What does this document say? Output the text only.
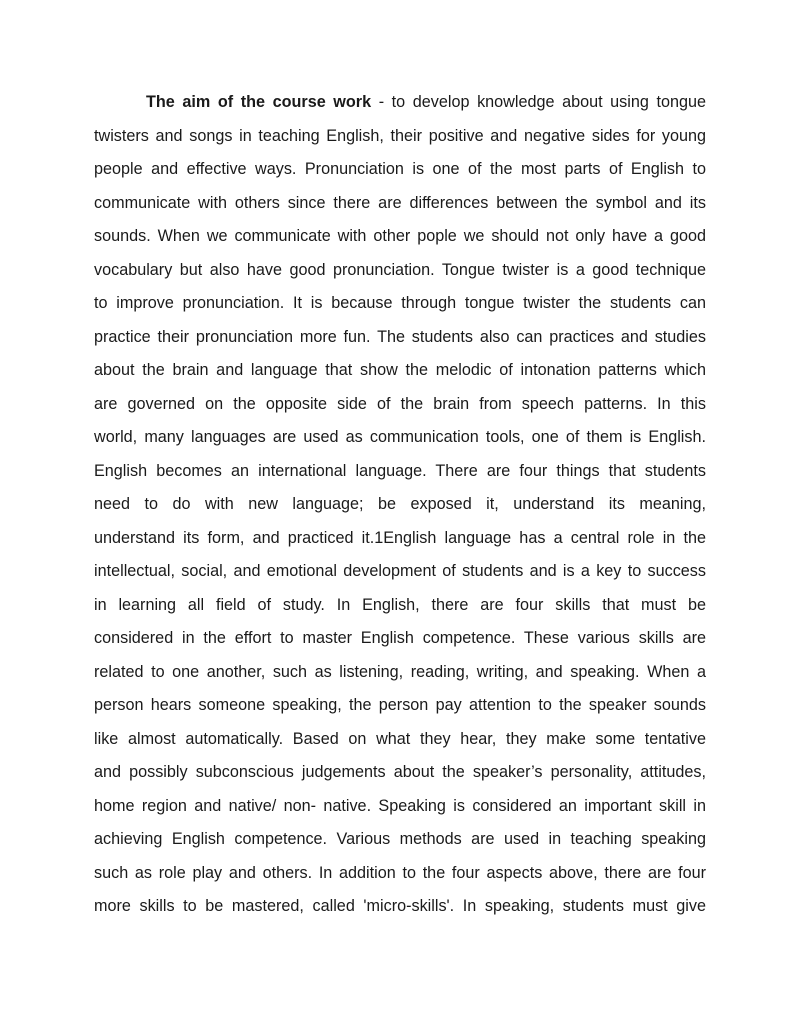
The aim of the course work - to develop knowledge about using tongue
twisters and songs in teaching English, their positive and negative sides for young
people and effective ways. Pronunciation is one of the most parts of English to
communicate with others since there are differences between the symbol and its
sounds. When we communicate with other pople we should not only have a good
vocabulary but also have good pronunciation. Tongue twister is a good technique
to improve pronunciation. It is because through tongue twister the students can
practice their pronunciation more fun. The students also can practices and studies
about the brain and language that show the melodic of intonation patterns which
are governed on the opposite side of the brain from speech patterns. In this
world, many languages are used as communication tools, one of them is English.
English becomes an international language. There are four things that students
need to do with new language; be exposed it, understand its meaning,
understand its form, and practiced it.1English language has a central role in the
intellectual, social, and emotional development of students and is a key to success
in learning all field of study. In English, there are four skills that must be
considered in the effort to master English competence. These various skills are
related to one another, such as listening, reading, writing, and speaking. When a
person hears someone speaking, the person pay attention to the speaker sounds
like almost automatically. Based on what they hear, they make some tentative
and possibly subconscious judgements about the speaker’s personality, attitudes,
home region and native/ non- native. Speaking is considered an important skill in
achieving English competence. Various methods are used in teaching speaking
such as role play and others. In addition to the four aspects above, there are four
more skills to be mastered, called 'micro-skills'. In speaking, students must give
